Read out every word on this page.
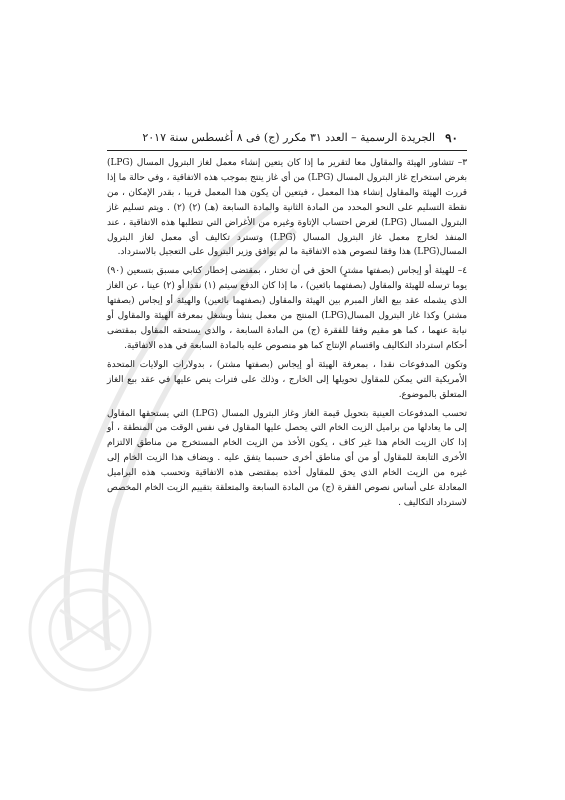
٩٠
الجريدة الرسمية – العدد ٣١ مكرر (ج) فى ٨ أغسطس سنة ٢٠١٧

٣– تتشاور الهيئة والمقاول معا لتقرير ما إذا كان يتعين إنشاء معمل لغاز البترول المسال (LPG) بغرض استخراج غاز البترول المسال (LPG) من أي غاز ينتج بموجب هذه الاتفاقية ، وفي حالة ما إذا قررت الهيئة والمقاول إنشاء هذا المعمل ، فيتعين أن يكون هذا المعمل قريبا ، بقدر الإمكان ، من نقطة التسليم على النحو المحدد من المادة الثانية والمادة السابعة (هـ) (٢) (٢) . ويتم تسليم غاز البترول المسال (LPG) لغرض احتساب الإتاوة وغيره من الأغراض التي تتطلبها هذه الاتفاقية ، عند المنفذ لخارج معمل غاز البترول المسال (LPG) وتسترد تكاليف أي معمل لغاز البترول المسال(LPG) هذا وفقا لنصوص هذه الاتفاقية ما لم يوافق وزير البترول على التعجيل بالاسترداد.

٤– للهيئة أو إيجاس (بصفتها مشترٍ) الحق في أن تختار ، بمقتضى إخطار كتابي مسبق بتسعين (٩٠) يوما ترسله للهيئة والمقاول (بصفتهما بائعين) ، ما إذا كان الدفع سيتم (١) نقدا أو (٢) عينا ، عن الغاز الذي يشمله عقد بيع الغاز المبرم بين الهيئة والمقاول (بصفتهما بائعين) والهيئة أو إيجاس (بصفتها مشتر) وكذا غاز البترول المسال(LPG) المنتج من معمل ينشأ ويشغل بمعرفة الهيئة والمقاول أو نيابة عنهما ، كما هو مقيم وفقا للفقرة (ج) من المادة السابعة ، والذي يستحقه المقاول بمقتضى أحكام استرداد التكاليف واقتسام الإنتاج كما هو منصوص عليه بالمادة السابعة في هذه الاتفاقية.

وتكون المدفوعات نقدا ، بمعرفة الهيئة أو إيجاس (بصفتها مشتر) ، بدولارات الولايات المتحدة الأمريكية التي يمكن للمقاول تحويلها إلى الخارج ، وذلك على فترات ينص عليها في عقد بيع الغاز المتعلق بالموضوع.

تحسب المدفوعات العينية بتحويل قيمة الغاز وغاز البترول المسال (LPG) التي يستحقها المقاول إلى ما يعادلها من براميل الزيت الخام التي يحصل عليها المقاول في نفس الوقت من المنطقة ، أو إذا كان الزيت الخام هذا غير كاف ، يكون الأخذ من الزيت الخام المستخرج من مناطق الالتزام الأخرى التابعة للمقاول أو من أي مناطق أخرى حسبما يتفق عليه . ويضاف هذا الزيت الخام إلى غيره من الزيت الخام الذي يحق للمقاول أخذه بمقتضى هذه الاتفاقية وتحسب هذه البراميل المعادلة على أساس نصوص الفقرة (ج) من المادة السابعة والمتعلقة بتقييم الزيت الخام المخصص لاسترداد التكاليف .
